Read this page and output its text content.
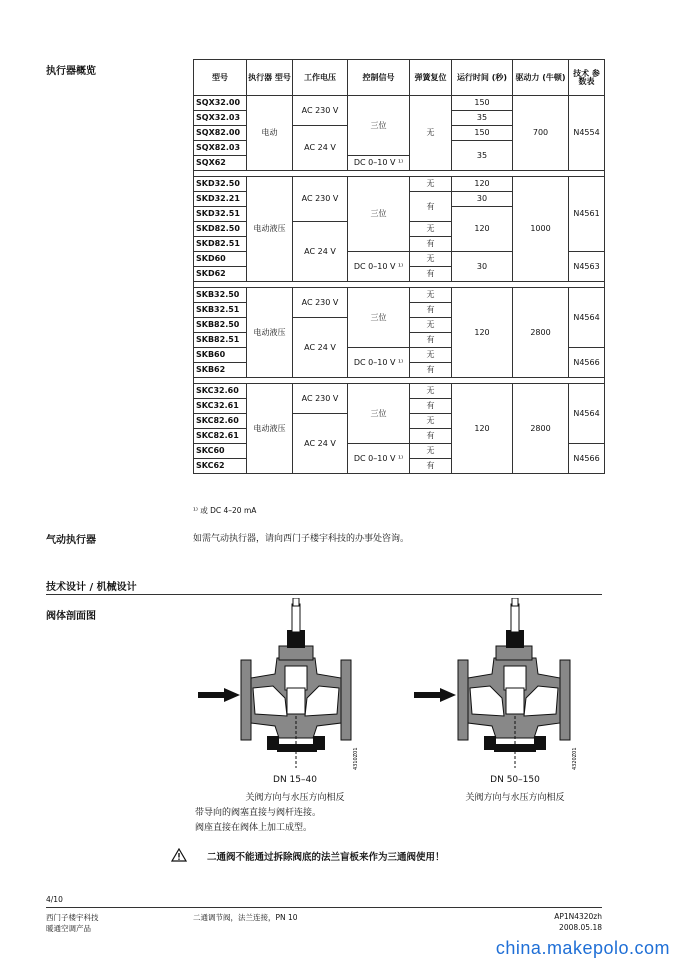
执行器概览	型号	执行器 型号	工作电压	控制信号	弹簧复位	运行时间 (秒)	驱动力 (牛顿)	技术 参数表
SQX32.00	电动	AC 230 V	三位	无	150	700	N4554
SQX32.03					35		
SQX82.00		AC 24 V			150		
SQX82.03					35		
SQX62			DC 0–10 V ¹⁾				

SKD32.50	电动液压	AC 230 V	三位	无	120	1000	N4561
SKD32.21				有	30		
SKD32.51					120		
SKD82.50		AC 24 V		无			
SKD82.51				有			
SKD60			DC 0–10 V ¹⁾	无	30		N4563
SKD62				有			

SKB32.50	电动液压	AC 230 V	三位	无	120	2800	N4564
SKB32.51				有			
SKB82.50		AC 24 V		无			
SKB82.51				有			
SKB60			DC 0–10 V ¹⁾	无			N4566
SKB62				有			

SKC32.60	电动液压	AC 230 V	三位	无	120	2800	N4564
SKC32.61				有			
SKC82.60		AC 24 V		无			
SKC82.61				有			
SKC60			DC 0–10 V ¹⁾	无			N4566
SKC62				有			
¹⁾ 或 DC 4–20 mA
气动执行器	如需气动执行器，请向西门子楼宇科技的办事处咨询。
技术设计 / 机械设计
阀体剖面图
4310Z01	4320Z01
DN 15–40
关阀方向与水压方向相反
带导向的阀塞直接与阀杆连接。
阀座直接在阀体上加工成型。
DN 50–150
关阀方向与水压方向相反
二通阀不能通过拆除阀底的法兰盲板来作为三通阀使用！
4/10
西门子楼宇科技
暖通空调产品
二通调节阀，法兰连接，PN 10	AP1N4320zh
2008.05.18
china.makepolo.com
